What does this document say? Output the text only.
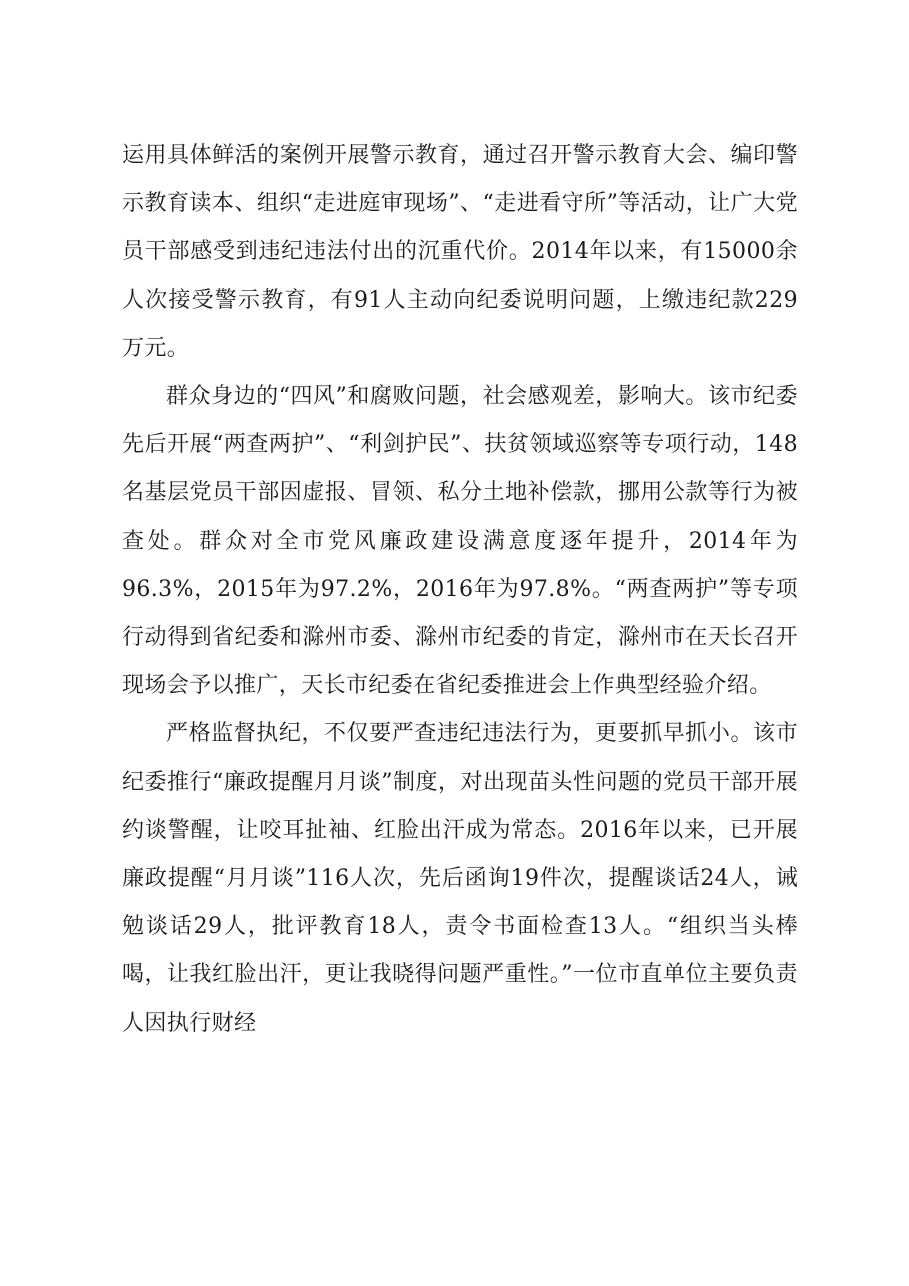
运用具体鲜活的案例开展警示教育，通过召开警示教育大会、编印警示教育读本、组织“走进庭审现场”、“走进看守所”等活动，让广大党员干部感受到违纪违法付出的沉重代价。2014年以来，有15000余人次接受警示教育，有91人主动向纪委说明问题，上缴违纪款229万元。

群众身边的“四风”和腐败问题，社会感观差，影响大。该市纪委先后开展“两查两护”、“利剑护民”、扶贫领域巡察等专项行动，148名基层党员干部因虚报、冒领、私分土地补偿款，挪用公款等行为被查处。群众对全市党风廉政建设满意度逐年提升，2014年为96.3%，2015年为97.2%，2016年为97.8%。“两查两护”等专项行动得到省纪委和滁州市委、滁州市纪委的肯定，滁州市在天长召开现场会予以推广，天长市纪委在省纪委推进会上作典型经验介绍。

严格监督执纪，不仅要严查违纪违法行为，更要抓早抓小。该市纪委推行“廉政提醒月月谈”制度，对出现苗头性问题的党员干部开展约谈警醒，让咬耳扯袖、红脸出汗成为常态。2016年以来，已开展廉政提醒“月月谈”116人次，先后函询19件次，提醒谈话24人，诫勉谈话29人，批评教育18人，责令书面检查13人。“组织当头棒喝，让我红脸出汗，更让我晓得问题严重性。”一位市直单位主要负责人因执行财经
